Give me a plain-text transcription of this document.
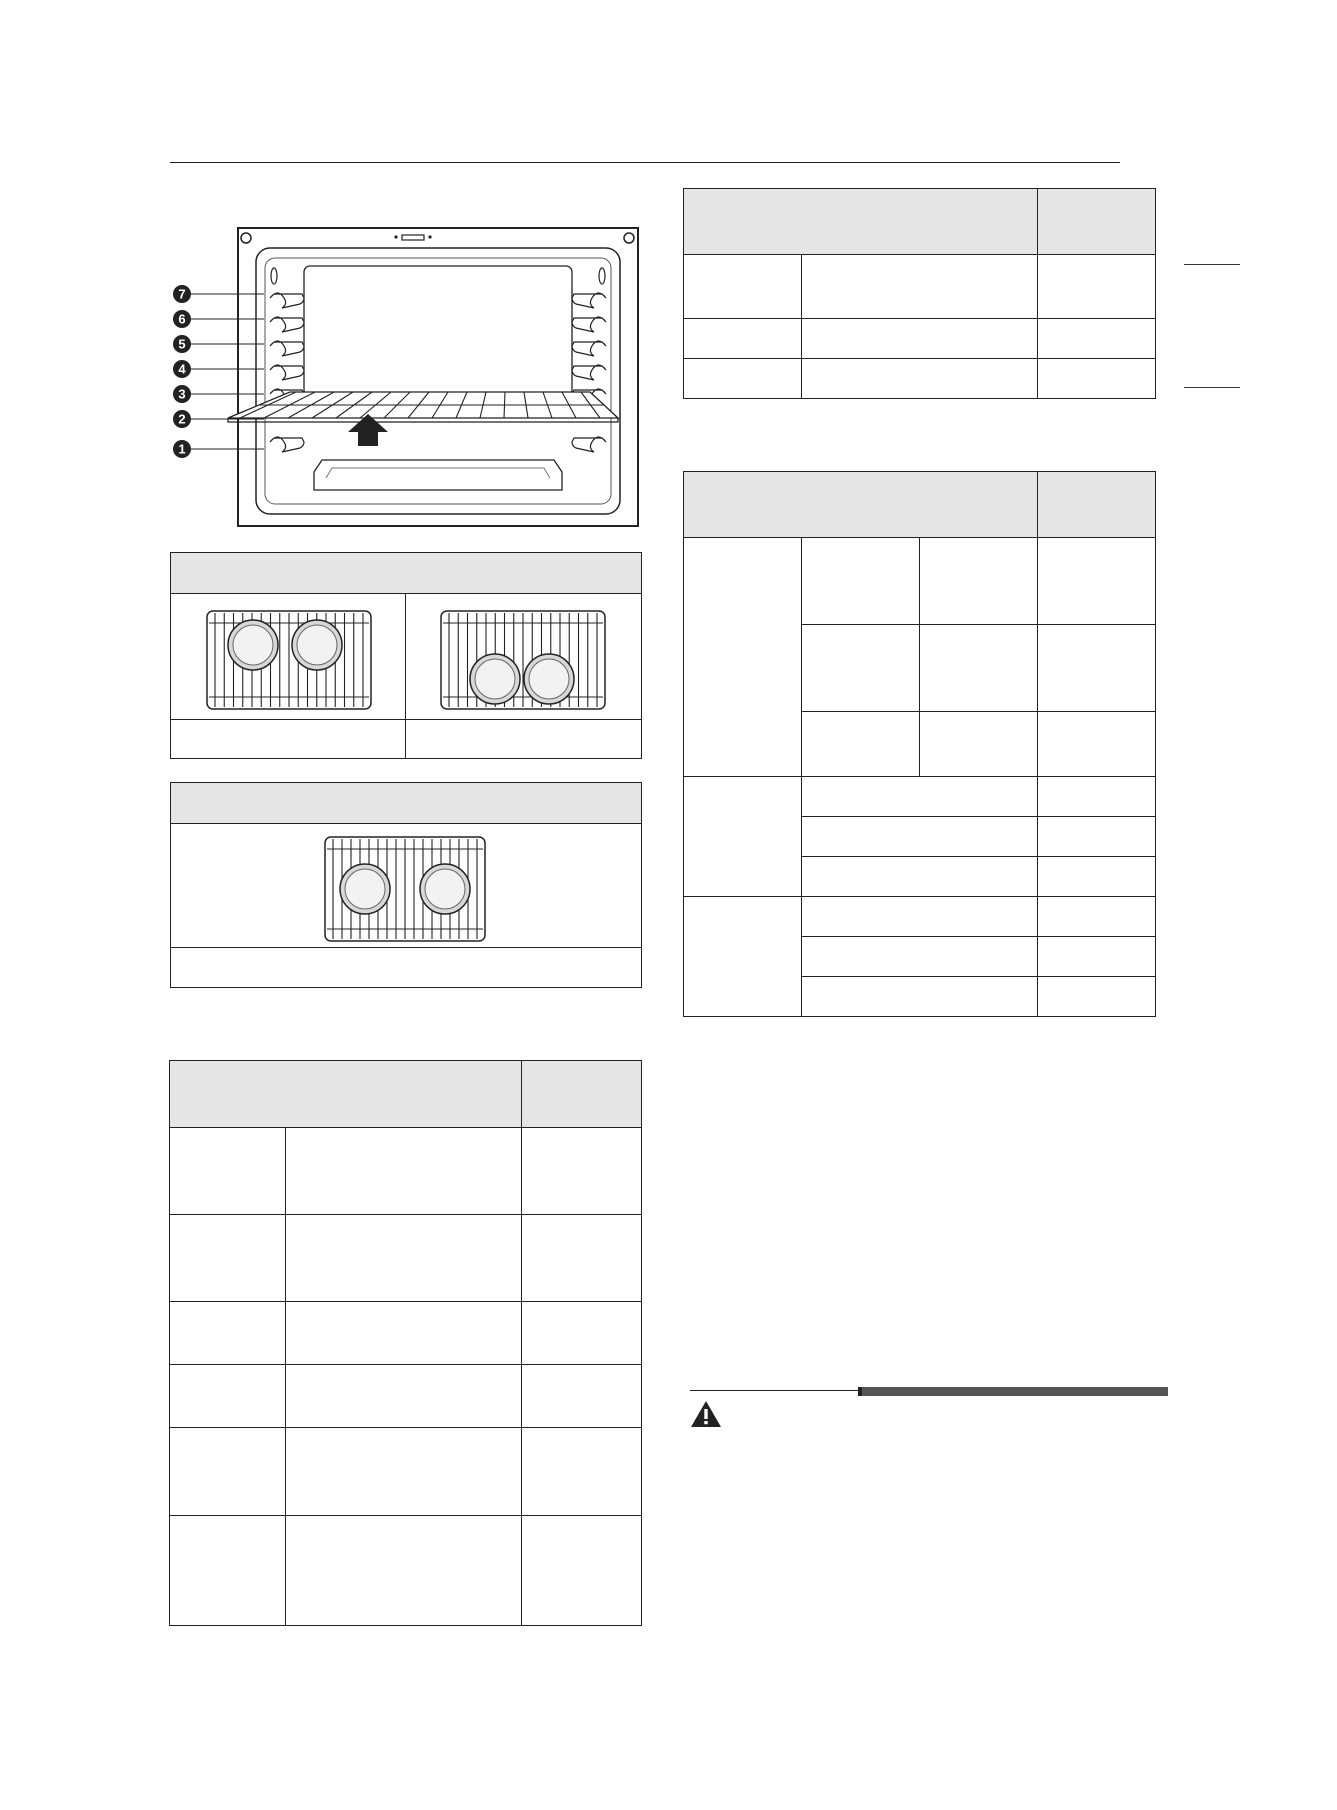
7
6
5
4
3
2
1
